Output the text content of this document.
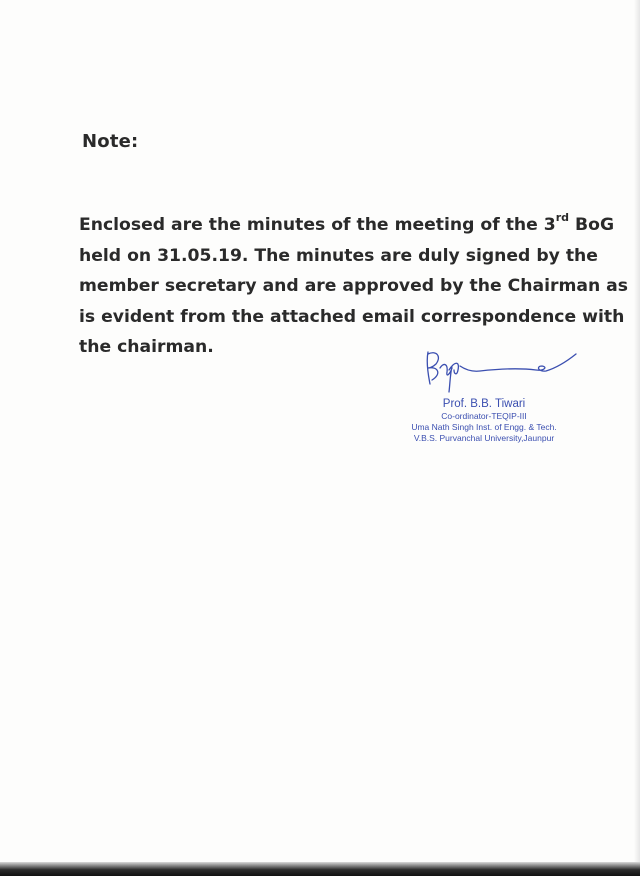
Note:

Enclosed are the minutes of the meeting of the 3rd BoG

held on 31.05.19. The minutes are duly signed by the

member secretary and are approved by the Chairman as

is evident from the attached email correspondence with

the chairman.

Prof. B.B. Tiwari
Co-ordinator-TEQIP-III
Uma Nath Singh Inst. of Engg. & Tech.
V.B.S. Purvanchal University,Jaunpur
